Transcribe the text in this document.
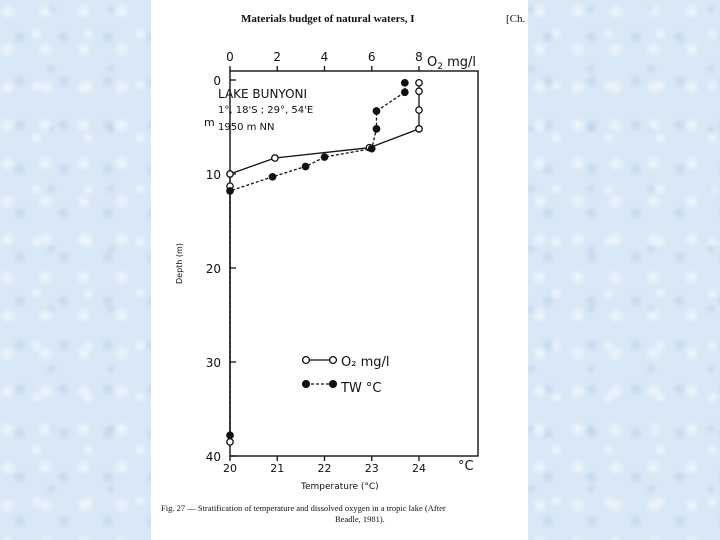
Materials budget of natural waters, I	[Ch.
$O_2$ mg/l
m
Depth (m)
LAKE BUNYONI
1°, 18'S ; 29°, 54'E
1950 m NN
°C
Temperature (°C)
0
10
20
30
40
0	2	4	6	8
20	21	22	23	24
O₂ mg/l
TW °C
Fig. 27 — Stratification of temperature and dissolved oxygen in a tropic lake (After
Beadle, 1981).
